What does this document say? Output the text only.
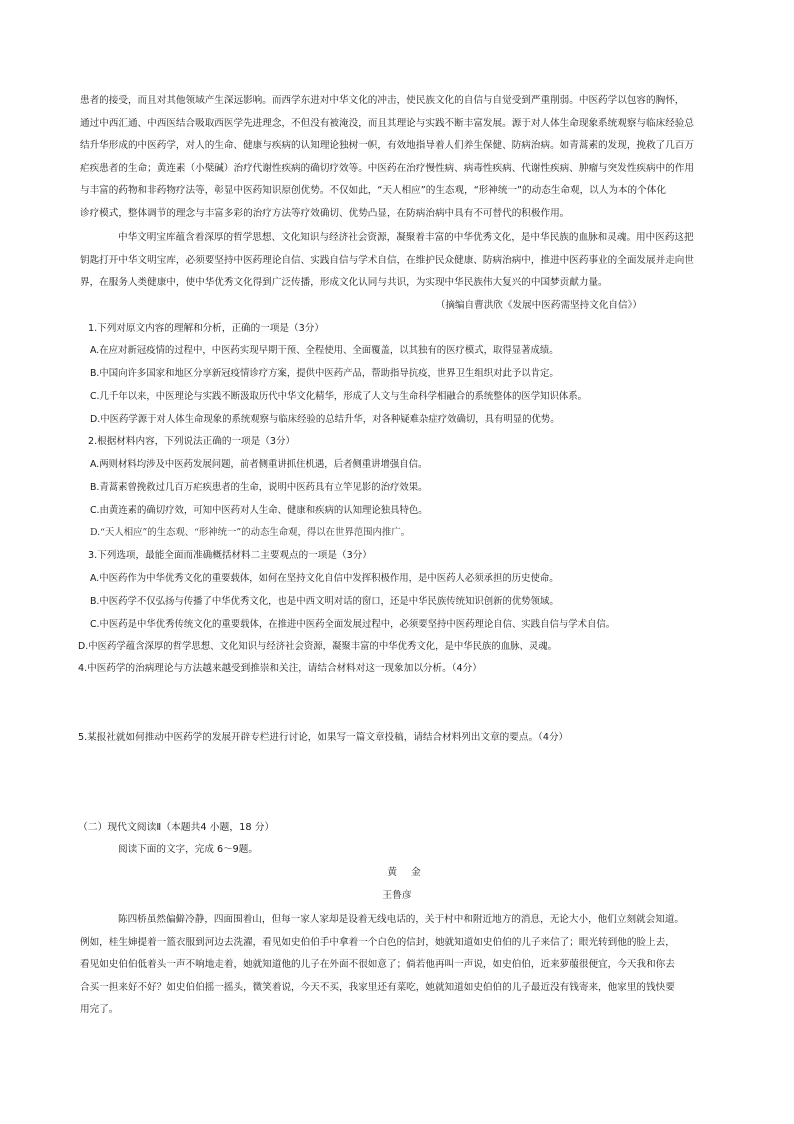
患者的接受，而且对其他领域产生深远影响。而西学东进对中华文化的冲击，使民族文化的自信与自觉受到严重削弱。中医药学以包容的胸怀，

通过中西汇通、中西医结合吸取西医学先进理念，不但没有被淹没，而且其理论与实践不断丰富发展。源于对人体生命现象系统观察与临床经验总

结升华形成的中医药学，对人的生命、健康与疾病的认知理论独树一帜，有效地指导着人们养生保健、防病治病。如青蒿素的发现，挽救了几百万

疟疾患者的生命；黄连素（小檗碱）治疗代谢性疾病的确切疗效等。中医药在治疗慢性病、病毒性疾病、代谢性疾病、肿瘤与突发性疾病中的作用

与丰富的药物和非药物疗法等，彰显中医药知识原创优势。不仅如此，“天人相应”的生态观，“形神统一”的动态生命观，以人为本的个体化

诊疗模式，整体调节的理念与丰富多彩的治疗方法等疗效确切、优势凸显，在防病治病中具有不可替代的积极作用。

中华文明宝库蕴含着深厚的哲学思想、文化知识与经济社会资源，凝聚着丰富的中华优秀文化，是中华民族的血脉和灵魂。用中医药这把

钥匙打开中华文明宝库，必须要坚持中医药理论自信、实践自信与学术自信，在维护民众健康、防病治病中，推进中医药事业的全面发展并走向世

界，在服务人类健康中，使中华优秀文化得到广泛传播，形成文化认同与共识，为实现中华民族伟大复兴的中国梦贡献力量。

（摘编自曹洪欣《发展中医药需坚持文化自信》）
1.下列对原文内容的理解和分析，正确的一项是（3分）
A.在应对新冠疫情的过程中，中医药实现早期干预、全程使用、全面覆盖，以其独有的医疗模式，取得显著成绩。
B.中国向许多国家和地区分享新冠疫情诊疗方案，提供中医药产品，帮助指导抗疫，世界卫生组织对此予以肯定。
C.几千年以来，中医理论与实践不断汲取历代中华文化精华，形成了人文与生命科学相融合的系统整体的医学知识体系。
D.中医药学源于对人体生命现象的系统观察与临床经验的总结升华，对各种疑难杂症疗效确切，具有明显的优势。
2.根据材料内容，下列说法正确的一项是（3分）
A.两则材料均涉及中医药发展问题，前者侧重讲抓住机遇，后者侧重讲增强自信。
B.青蒿素曾挽救过几百万疟疾患者的生命，说明中医药具有立竿见影的治疗效果。
C.由黄连素的确切疗效，可知中医药对人生命、健康和疾病的认知理论独具特色。
D.“天人相应”的生态观、“形神统一”的动态生命观，得以在世界范围内推广。
3.下列选项，最能全面而准确概括材料二主要观点的一项是（3分）
A.中医药作为中华优秀文化的重要载体，如何在坚持文化自信中发挥积极作用，是中医药人必须承担的历史使命。
B.中医药学不仅弘扬与传播了中华优秀文化，也是中西文明对话的窗口，还是中华民族传统知识创新的优势领域。
C.中医药是中华优秀传统文化的重要载体，在推进中医药全面发展过程中，必须要坚持中医药理论自信、实践自信与学术自信。
D.中医药学蕴含深厚的哲学思想、文化知识与经济社会资源，凝聚丰富的中华优秀文化，是中华民族的血脉、灵魂。
4.中医药学的治病理论与方法越来越受到推崇和关注，请结合材料对这一现象加以分析。（4分）
5.某报社就如何推动中医药学的发展开辟专栏进行讨论，如果写一篇文章投稿，请结合材料列出文章的要点。（4分）
（二）现代文阅读Ⅱ（本题共4 小题，18 分）
阅读下面的文字，完成 6～9题。
黄金
王鲁彦

陈四桥虽然偏僻冷静，四面围着山，但每一家人家却是设着无线电话的，关于村中和附近地方的消息，无论大小，他们立刻就会知道。

例如，桂生婶提着一篮衣服到河边去洗濯，看见如史伯伯手中拿着一个白色的信封，她就知道如史伯伯的儿子来信了；眼光转到他的脸上去，

看见如史伯伯低着头一声不响地走着，她就知道他的儿子在外面不很如意了；倘若他再叫一声说，如史伯伯，近来萝菔很便宜，今天我和你去

合买一担来好不好？如史伯伯摇一摇头，微笑着说，今天不买，我家里还有菜吃，她就知道如史伯伯的儿子最近没有钱寄来，他家里的钱快要

用完了。
